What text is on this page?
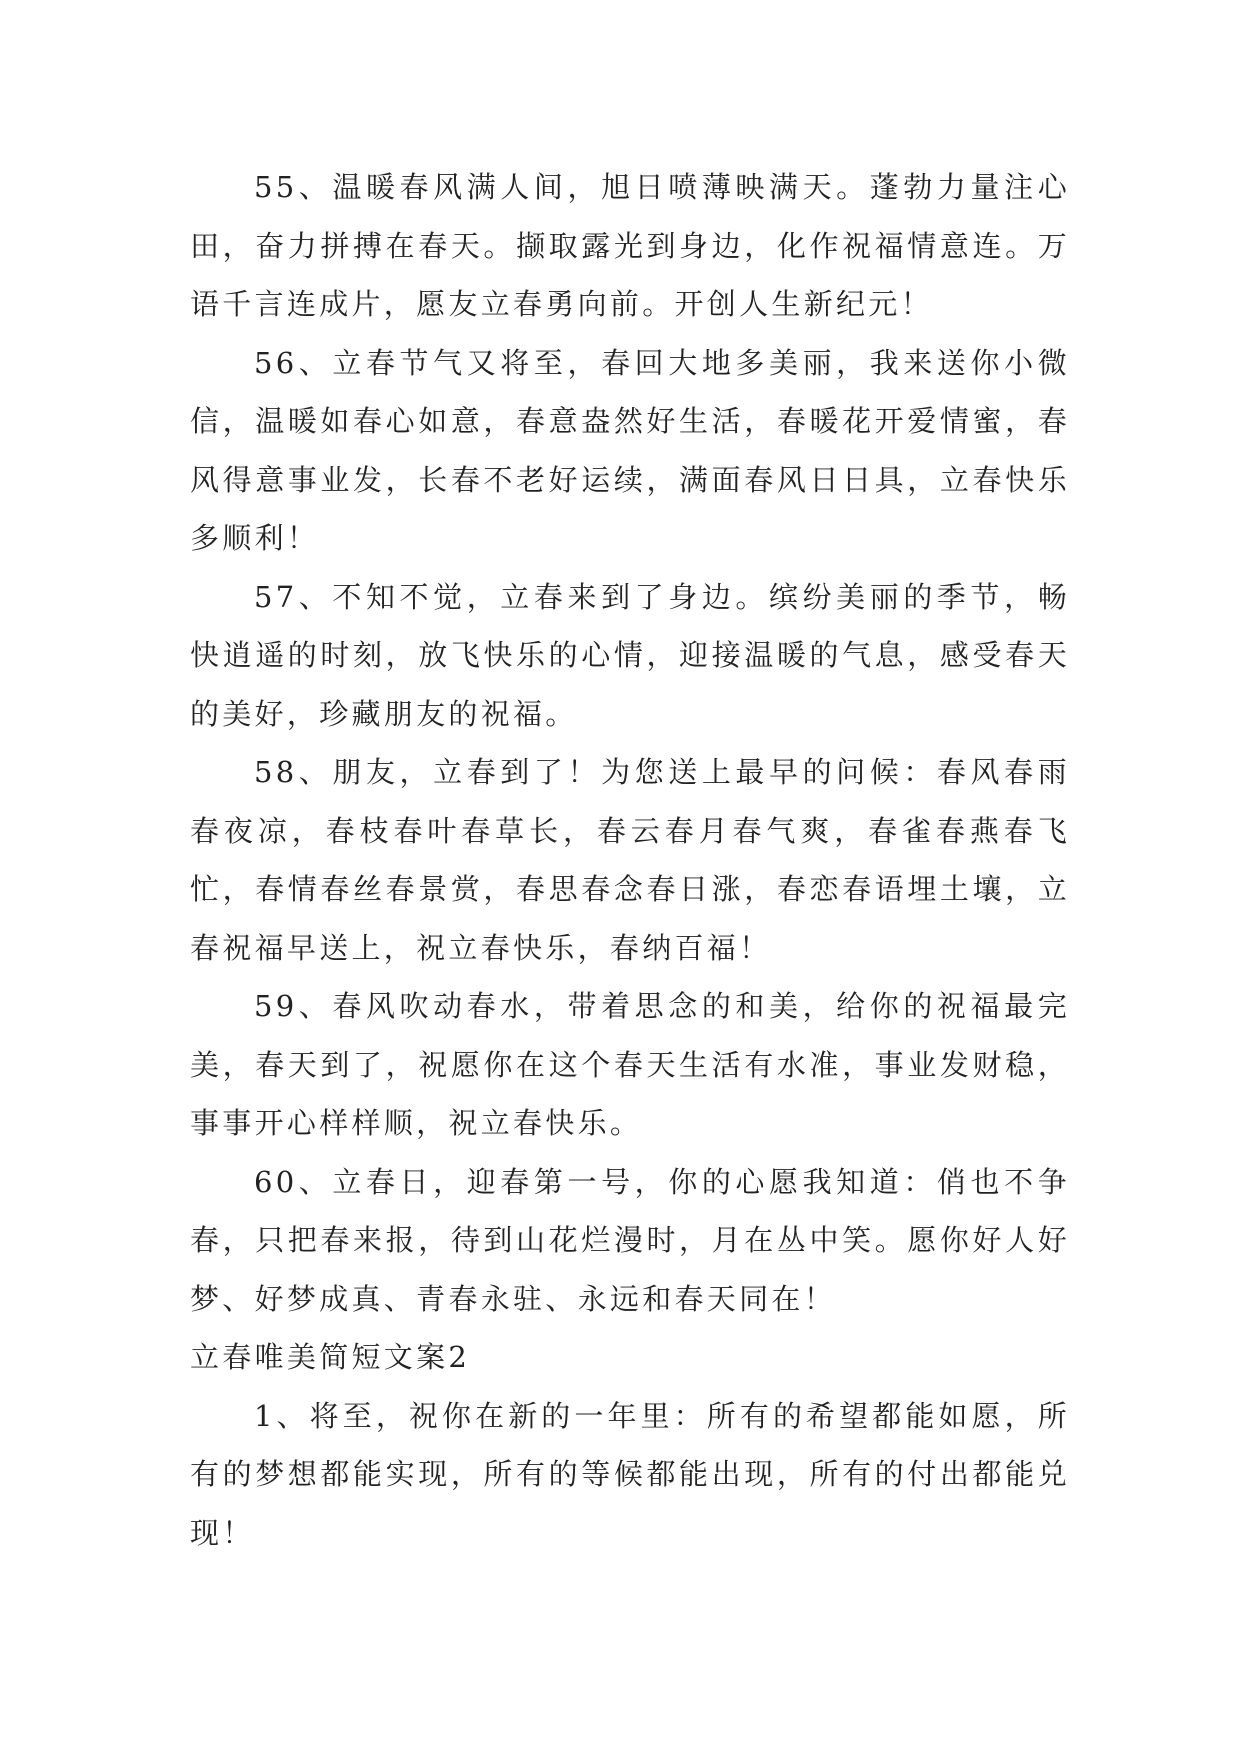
55、温暖春风满人间，旭日喷薄映满天。蓬勃力量注心田，奋力拼搏在春天。撷取露光到身边，化作祝福情意连。万语千言连成片，愿友立春勇向前。开创人生新纪元！

56、立春节气又将至，春回大地多美丽，我来送你小微信，温暖如春心如意，春意盎然好生活，春暖花开爱情蜜，春风得意事业发，长春不老好运续，满面春风日日具，立春快乐多顺利！

57、不知不觉，立春来到了身边。缤纷美丽的季节，畅快逍遥的时刻，放飞快乐的心情，迎接温暖的气息，感受春天的美好，珍藏朋友的祝福。

58、朋友，立春到了！为您送上最早的问候：春风春雨春夜凉，春枝春叶春草长，春云春月春气爽，春雀春燕春飞忙，春情春丝春景赏，春思春念春日涨，春恋春语埋土壤，立春祝福早送上，祝立春快乐，春纳百福！

59、春风吹动春水，带着思念的和美，给你的祝福最完美，春天到了，祝愿你在这个春天生活有水准，事业发财稳，事事开心样样顺，祝立春快乐。

60、立春日，迎春第一号，你的心愿我知道：俏也不争春，只把春来报，待到山花烂漫时，月在丛中笑。愿你好人好梦、好梦成真、青春永驻、永远和春天同在！

立春唯美简短文案2

1、将至，祝你在新的一年里：所有的希望都能如愿，所有的梦想都能实现，所有的等候都能出现，所有的付出都能兑现！
